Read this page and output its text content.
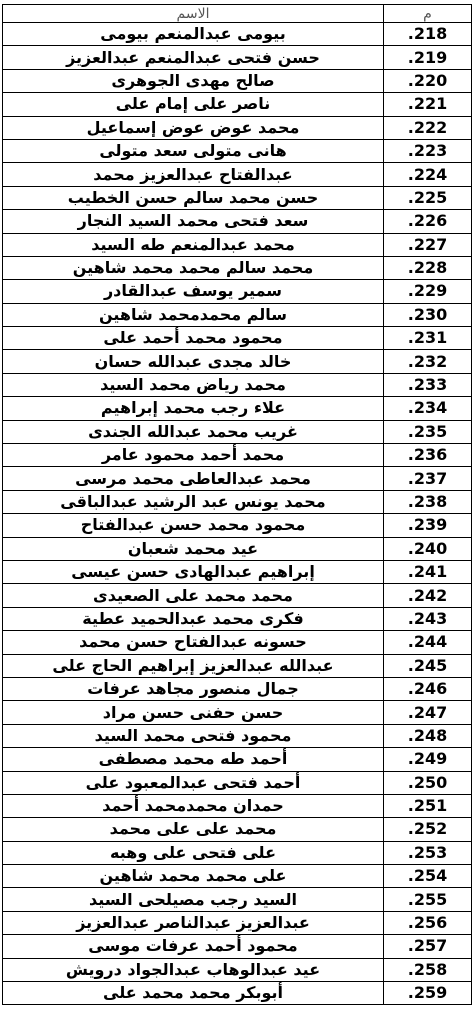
م	الاسم
.218	بيومى عبدالمنعم بيومى
.219	حسن فتحى عبدالمنعم عبدالعزيز
.220	صالح مهدى الجوهرى
.221	ناصر على إمام على
.222	محمد عوض عوض إسماعيل
.223	هانى متولى سعد متولى
.224	عبدالفتاح عبدالعزيز محمد
.225	حسن محمد سالم حسن الخطيب
.226	سعد فتحى محمد السيد النجار
.227	محمد عبدالمنعم طه السيد
.228	محمد سالم محمد محمد شاهين
.229	سمير يوسف عبدالقادر
.230	سالم محمدمحمد شاهين
.231	محمود محمد أحمد على
.232	خالد مجدى عبدالله حسان
.233	محمد رياض محمد السيد
.234	علاء رجب محمد إبراهيم
.235	غريب محمد عبدالله الجندى
.236	محمد أحمد محمود عامر
.237	محمد عبدالعاطى محمد مرسى
.238	محمد يونس عبد الرشيد عبدالباقى
.239	محمود محمد حسن عبدالفتاح
.240	عيد محمد شعبان
.241	إبراهيم عبدالهادى حسن عيسى
.242	محمد محمد على الصعيدى
.243	فكرى محمد عبدالحميد عطية
.244	حسونه عبدالفتاح حسن محمد
.245	عبدالله عبدالعزيز إبراهيم الحاج على
.246	جمال منصور مجاهد عرفات
.247	حسن حفنى حسن مراد
.248	محمود فتحى محمد السيد
.249	أحمد طه محمد مصطفى
.250	أحمد فتحى عبدالمعبود على
.251	حمدان محمدمحمد أحمد
.252	محمد على على محمد
.253	على فتحى على وهبه
.254	على محمد محمد شاهين
.255	السيد رجب مصيلحى السيد
.256	عبدالعزيز عبدالناصر عبدالعزيز
.257	محمود أحمد عرفات موسى
.258	عيد عبدالوهاب عبدالجواد درويش
.259	أبوبكر محمد محمد على
